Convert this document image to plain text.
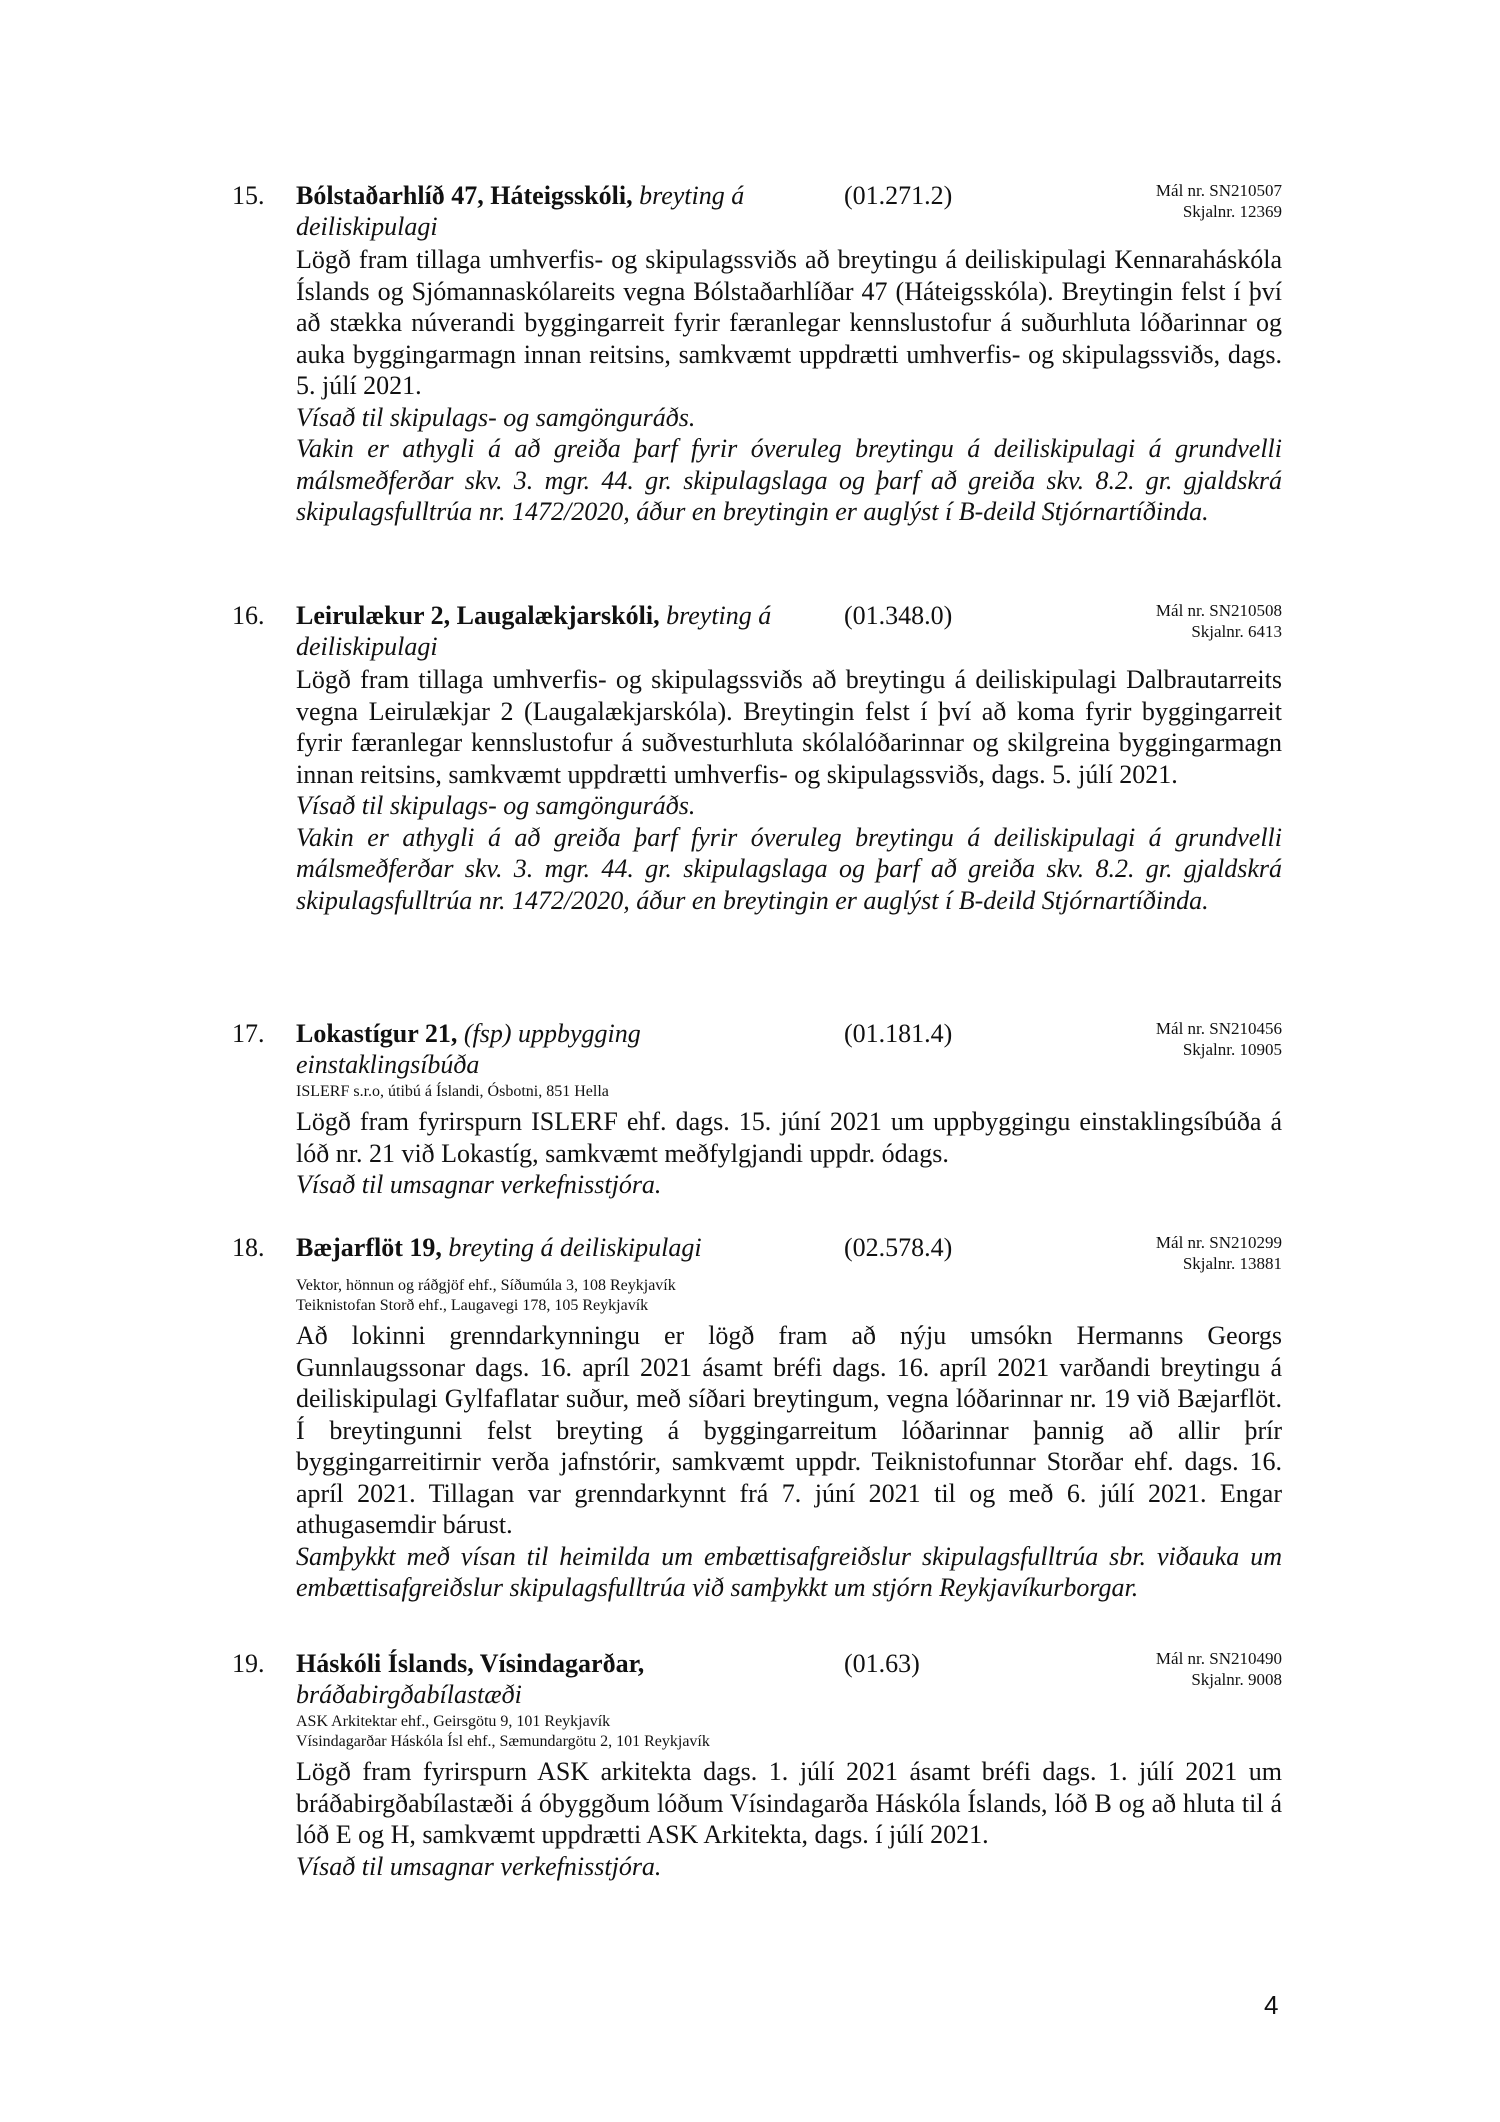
15. Bólstaðarhlíð 47, Háteigsskóli, breyting á deiliskipulagi
(01.271.2)	Mál nr. SN210507
Skjalnr. 12369

Lögð fram tillaga umhverfis- og skipulagssviðs að breytingu á deiliskipulagi Kennaraháskóla Íslands og Sjómannaskólareits vegna Bólstaðarhlíðar 47 (Háteigsskóla). Breytingin felst í því að stækka núverandi byggingarreit fyrir færanlegar kennslustofur á suðurhluta lóðarinnar og auka byggingarmagn innan reitsins, samkvæmt uppdrætti umhverfis- og skipulagssviðs, dags. 5. júlí 2021.

Vísað til skipulags- og samgönguráðs.

Vakin er athygli á að greiða þarf fyrir óveruleg breytingu á deiliskipulagi á grundvelli málsmeðferðar skv. 3. mgr. 44. gr. skipulagslaga og þarf að greiða skv. 8.2. gr. gjaldskrá skipulagsfulltrúa nr. 1472/2020, áður en breytingin er auglýst í B-deild Stjórnartíðinda.

16. Leirulækur 2, Laugalækjarskóli, breyting á deiliskipulagi
(01.348.0)	Mál nr. SN210508
Skjalnr. 6413

Lögð fram tillaga umhverfis- og skipulagssviðs að breytingu á deiliskipulagi Dalbrautarreits vegna Leirulækjar 2 (Laugalækjarskóla). Breytingin felst í því að koma fyrir byggingarreit fyrir færanlegar kennslustofur á suðvesturhluta skólalóðarinnar og skilgreina byggingarmagn innan reitsins, samkvæmt uppdrætti umhverfis- og skipulagssviðs, dags. 5. júlí 2021.

Vísað til skipulags- og samgönguráðs.

Vakin er athygli á að greiða þarf fyrir óveruleg breytingu á deiliskipulagi á grundvelli málsmeðferðar skv. 3. mgr. 44. gr. skipulagslaga og þarf að greiða skv. 8.2. gr. gjaldskrá skipulagsfulltrúa nr. 1472/2020, áður en breytingin er auglýst í B-deild Stjórnartíðinda.

17. Lokastígur 21, (fsp) uppbygging einstaklingsíbúða
(01.181.4)	Mál nr. SN210456
Skjalnr. 10905
ISLERF s.r.o, útibú á Íslandi, Ósbotni, 851 Hella

Lögð fram fyrirspurn ISLERF ehf. dags. 15. júní 2021 um uppbyggingu einstaklingsíbúða á lóð nr. 21 við Lokastíg, samkvæmt meðfylgjandi uppdr. ódags.

Vísað til umsagnar verkefnisstjóra.

18. Bæjarflöt 19, breyting á deiliskipulagi	(02.578.4)	Mál nr. SN210299
Skjalnr. 13881
Vektor, hönnun og ráðgjöf ehf., Síðumúla 3, 108 Reykjavík
Teiknistofan Storð ehf., Laugavegi 178, 105 Reykjavík

Að lokinni grenndarkynningu er lögð fram að nýju umsókn Hermanns Georgs Gunnlaugssonar dags. 16. apríl 2021 ásamt bréfi dags. 16. apríl 2021 varðandi breytingu á deiliskipulagi Gylfaflatar suður, með síðari breytingum, vegna lóðarinnar nr. 19 við Bæjarflöt. Í breytingunni felst breyting á byggingarreitum lóðarinnar þannig að allir þrír byggingarreitirnir verða jafnstórir, samkvæmt uppdr. Teiknistofunnar Storðar ehf. dags. 16. apríl 2021. Tillagan var grenndarkynnt frá 7. júní 2021 til og með 6. júlí 2021. Engar athugasemdir bárust.

Samþykkt með vísan til heimilda um embættisafgreiðslur skipulagsfulltrúa sbr. viðauka um embættisafgreiðslur skipulagsfulltrúa við samþykkt um stjórn Reykjavíkurborgar.

19. Háskóli Íslands, Vísindagarðar, bráðabirgðabílastæði
(01.63)	Mál nr. SN210490
Skjalnr. 9008
ASK Arkitektar ehf., Geirsgötu 9, 101 Reykjavík
Vísindagarðar Háskóla Ísl ehf., Sæmundargötu 2, 101 Reykjavík

Lögð fram fyrirspurn ASK arkitekta dags. 1. júlí 2021 ásamt bréfi dags. 1. júlí 2021 um bráðabirgðabílastæði á óbyggðum lóðum Vísindagarða Háskóla Íslands, lóð B og að hluta til á lóð E og H, samkvæmt uppdrætti ASK Arkitekta, dags. í júlí 2021.

Vísað til umsagnar verkefnisstjóra.

4
